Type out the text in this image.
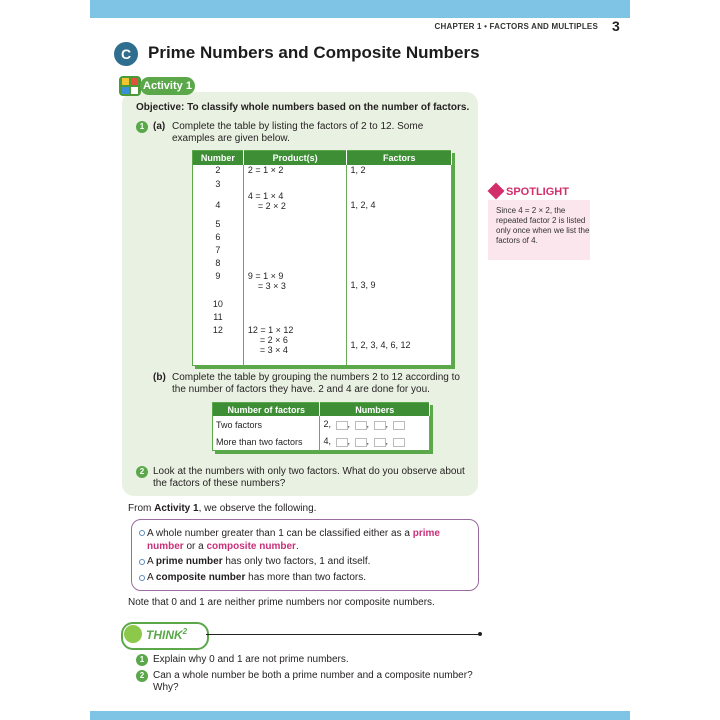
CHAPTER 1 • FACTORS AND MULTIPLES 3
C Prime Numbers and Composite Numbers
Activity 1
Objective: To classify whole numbers based on the number of factors.
1 (a) Complete the table by listing the factors of 2 to 12. Some examples are given below.
Number	Product(s)	Factors
2	2 = 1 × 2	1, 2
3		
4	4 = 1 × 4
= 2 × 2	1, 2, 4
5		
6		
7		
8		
9	9 = 1 × 9
= 3 × 3	1, 3, 9
10		
11		
12	12 = 1 × 12
= 2 × 6
= 3 × 4	1, 2, 3, 4, 6, 12
(b) Complete the table by grouping the numbers 2 to 12 according to the number of factors they have. 2 and 4 are done for you.
Number of factors	Numbers
Two factors	2, , , ,
More than two factors	4, , , ,
2 Look at the numbers with only two factors. What do you observe about the factors of these numbers?
SPOTLIGHT
Since 4 = 2 × 2, the repeated factor 2 is listed only once when we list the factors of 4.
From Activity 1, we observe the following.
A whole number greater than 1 can be classified either as a prime number or a composite number.
A prime number has only two factors, 1 and itself.
A composite number has more than two factors.
Note that 0 and 1 are neither prime numbers nor composite numbers.
THINK$^2$
1 Explain why 0 and 1 are not prime numbers.
2 Can a whole number be both a prime number and a composite number? Why?
